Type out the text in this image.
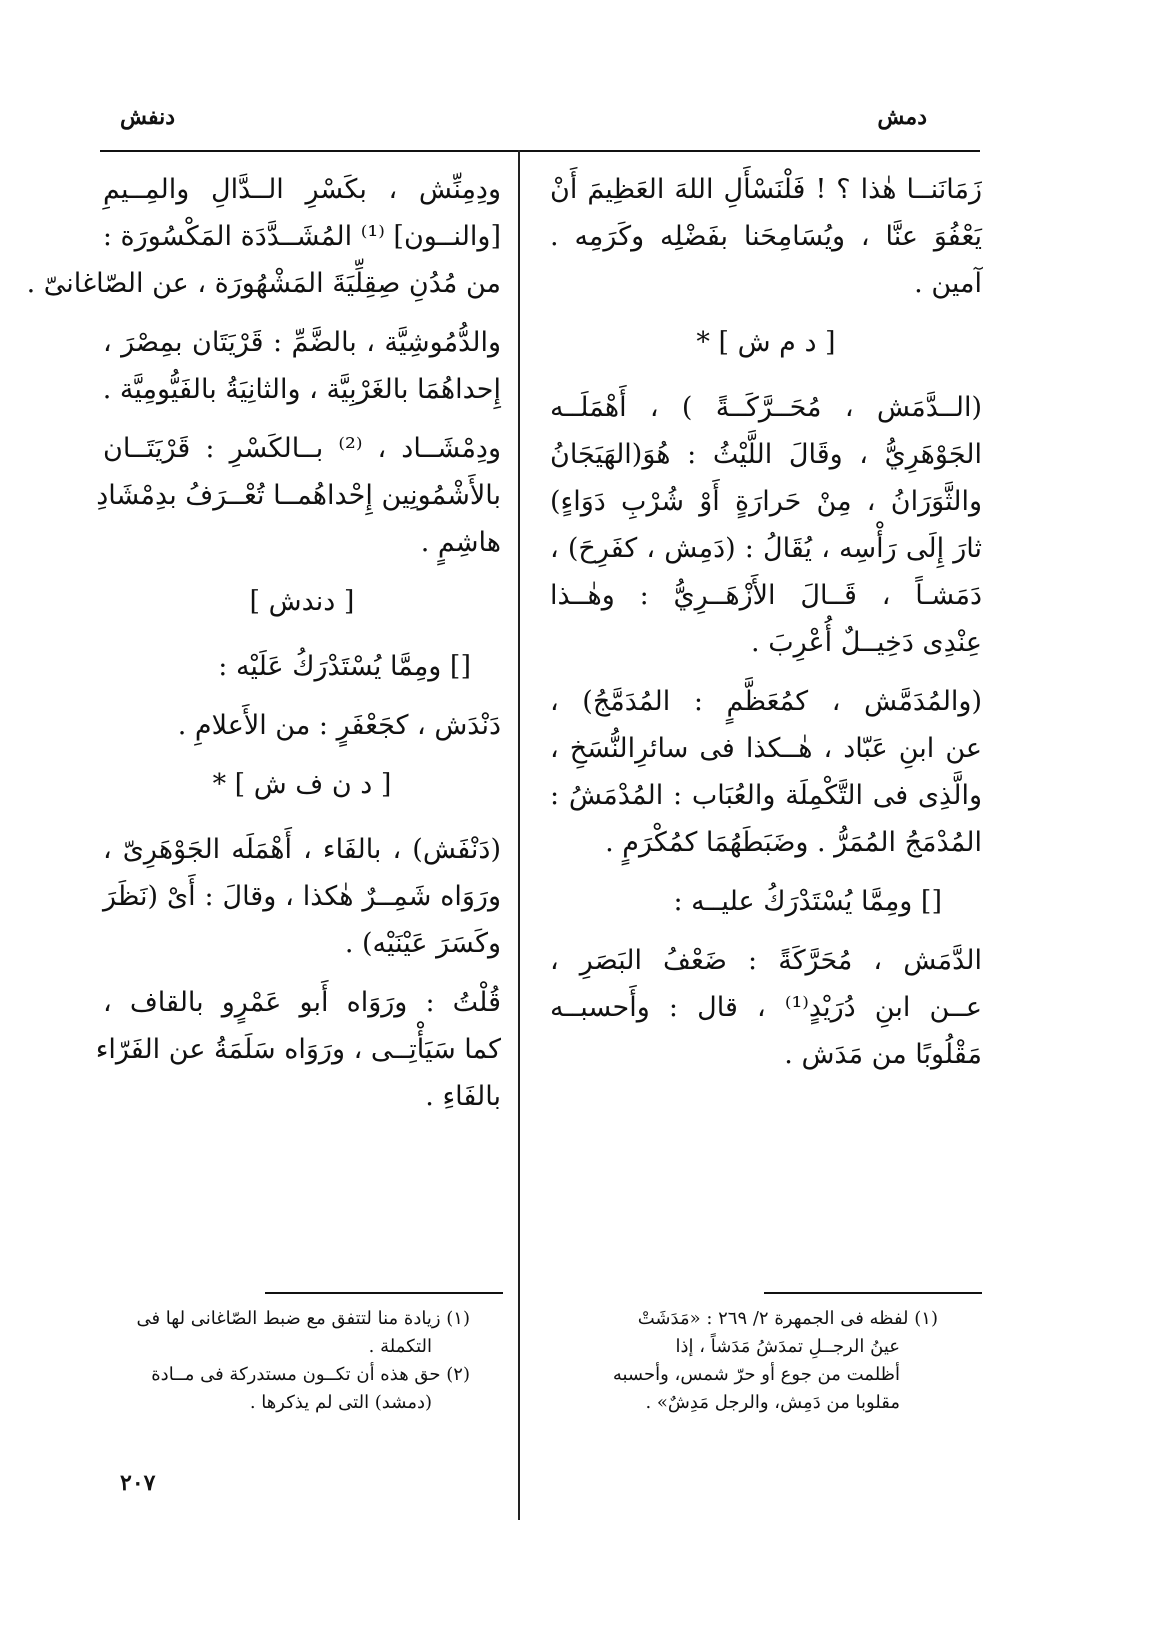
دمش
دنفش
زَمَانَنــا هٰذا ؟ ! فَلْنَسْأَلِ اللهَ العَظِيمَ أَنْ
يَعْفُوَ عنَّا ، ويُسَامِحَنا بفَضْلِه وكَرَمِه .
آمين .
[ د م ش ] *
(الــدَّمَش ، مُحَــرَّكَــةً ) ، أَهْمَلَــه
الجَوْهَرِيُّ ، وقَالَ اللَّيْثُ : هُوَ(الهَيَجَانُ
والثَّوَرَانُ ، مِنْ حَرارَةٍ أَوْ شُرْبِ دَوَاءٍ)
ثارَ إِلَى رَأْسِه ، يُقَالُ : (دَمِش ، كفَرِحَ) ،
دَمَشـاً ، قَــالَ الأَزْهَــرِيُّ : وهٰــذا
عِنْدِى دَخِيــلٌ أُعْرِبَ .
(والمُدَمَّش ، كمُعَظَّمٍ : المُدَمَّجُ) ،
عن ابنِ عَبّاد ، هٰــكذا فى سائرِالنُّسَخِ ،
والَّذِى فى التَّكْمِلَة والعُبَاب : المُدْمَشُ :
المُدْمَجُ المُمَرُّ . وضَبَطَهُمَا كمُكْرَمٍ .
[] ومِمَّا يُسْتَدْرَكُ عليــه :
الدَّمَش ، مُحَرَّكَةً : ضَعْفُ البَصَرِ ،
عــن ابنِ دُرَيْدٍ⁽¹⁾ ، قال : وأَحسبــه
مَقْلُوبًا من مَدَش .
ودِمِنِّش ، بكَسْرِ الــدَّالِ والمِــيمِ
[والنــون] ⁽¹⁾ المُشَــدَّدَة المَكْسُورَة :
من مُدُنِ صِقِلِّيَةَ المَشْهُورَة ، عن الصّاغانىّ .
والدُّمُوشِيَّة ، بالضَّمِّ : قَرْيَتَان بمِصْرَ ،
إِحداهُمَا بالغَرْبِيَّة ، والثانِيَةُ بالفَيُّومِيَّة .
ودِمْشَــاد ، ⁽²⁾ بــالكَسْرِ : قَرْيَتَــان
بالأَشْمُونِين إِحْداهُمــا تُعْــرَفُ بدِمْشَادِ
هاشِمٍ .
[ دندش ]
[] ومِمَّا يُسْتَدْرَكُ عَلَيْه :
دَنْدَش ، كجَعْفَرٍ : من الأَعلامِ .
[ د ن ف ش ] *
(دَنْفَش) ، بالفَاء ، أَهْمَلَه الجَوْهَرِىّ ،
ورَوَاه شَمِــرٌ هٰكذا ، وقالَ : أَىْ (نَظَرَ
وكَسَرَ عَيْنَيْه) .
قُلْتُ : ورَوَاه أَبو عَمْرٍو بالقاف ،
كما سَيَأْتِــى ، ورَوَاه سَلَمَةُ عن الفَرّاء
بالفَاءِ .
(١) لفظه فى الجمهرة ٢/ ٢٦٩ : «مَدَشَتْ
عينُ الرجــلِ تمدَشُ مَدَشاً ، إذا
أظلمت من جوع أو حرّ شمس، وأحسبه
مقلوبا من دَمِش، والرجل مَدِشٌ» .
(١) زيادة منا لتتفق مع ضبط الصّاغانى لها فى
التكملة .
(٢) حق هذه أن تكــون مستدركة فى مــادة
(دمشد) التى لم يذكرها .
٢٠٧
